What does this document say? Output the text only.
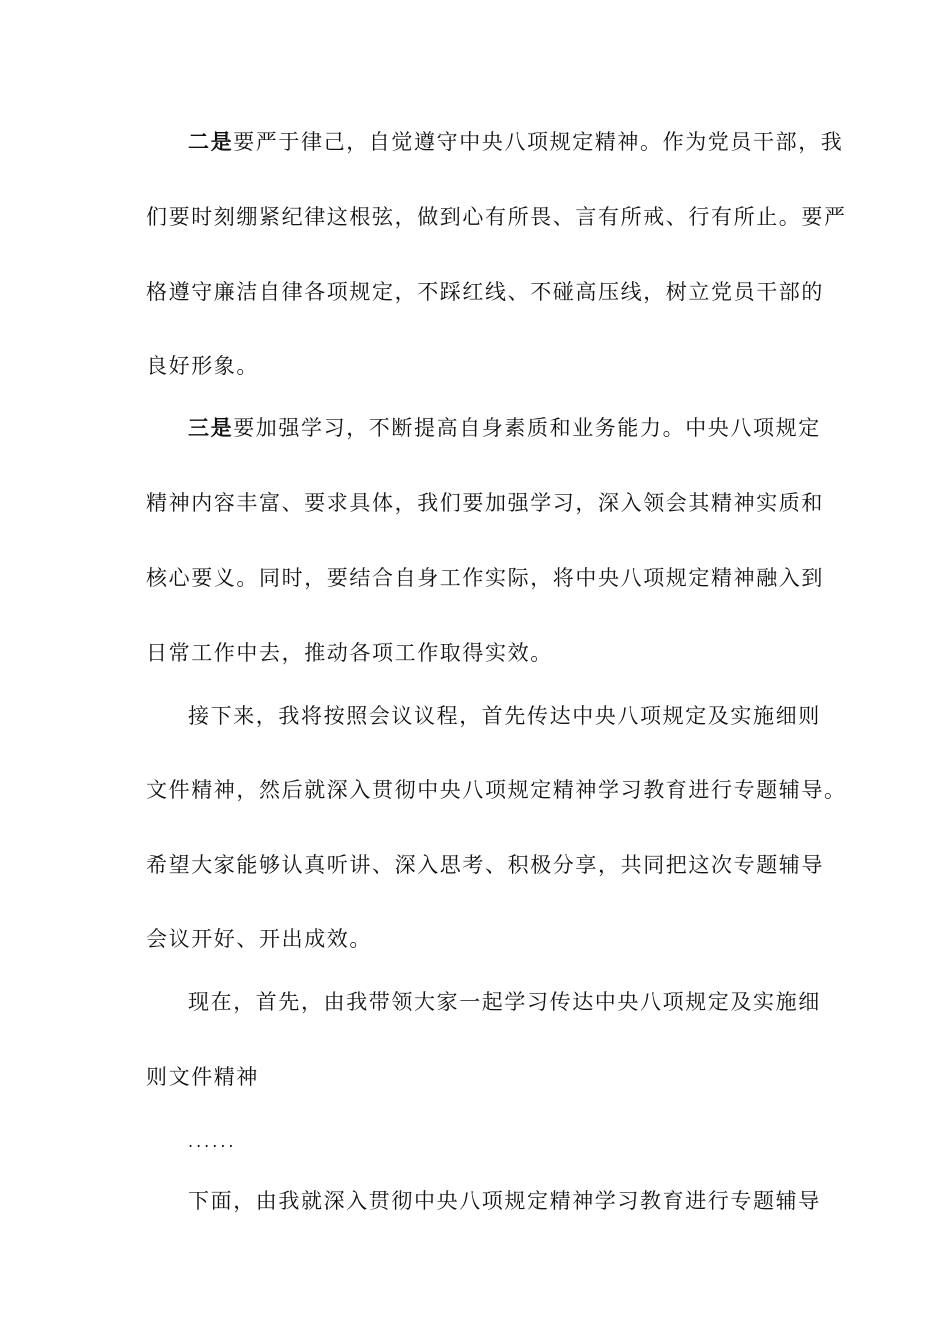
二是要严于律己，自觉遵守中央八项规定精神。作为党员干部，我
们要时刻绷紧纪律这根弦，做到心有所畏、言有所戒、行有所止。要严
格遵守廉洁自律各项规定，不踩红线、不碰高压线，树立党员干部的
良好形象。
三是要加强学习，不断提高自身素质和业务能力。中央八项规定
精神内容丰富、要求具体，我们要加强学习，深入领会其精神实质和
核心要义。同时，要结合自身工作实际，将中央八项规定精神融入到
日常工作中去，推动各项工作取得实效。
接下来，我将按照会议议程，首先传达中央八项规定及实施细则
文件精神，然后就深入贯彻中央八项规定精神学习教育进行专题辅导。
希望大家能够认真听讲、深入思考、积极分享，共同把这次专题辅导
会议开好、开出成效。
现在，首先，由我带领大家一起学习传达中央八项规定及实施细
则文件精神
......
下面，由我就深入贯彻中央八项规定精神学习教育进行专题辅导
